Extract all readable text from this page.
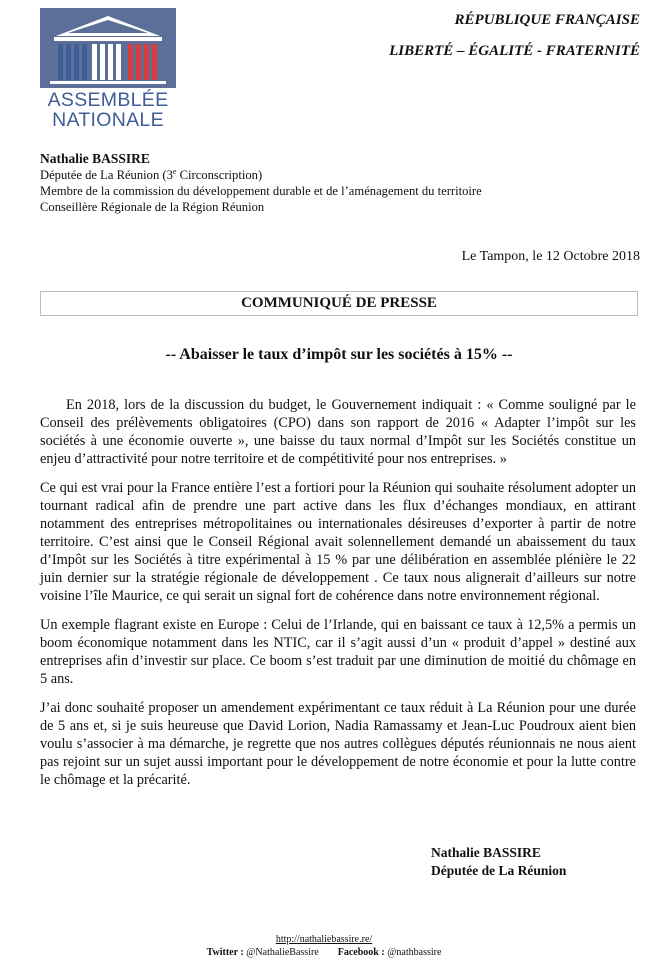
ASSEMBLÉE
NATIONALE
RÉPUBLIQUE FRANÇAISE
LIBERTÉ – ÉGALITÉ - FRATERNITÉ
Nathalie BASSIRE
Députée de La Réunion (3e Circonscription)
Membre de la commission du développement durable et de l’aménagement du territoire
Conseillère Régionale de la Région Réunion
Le Tampon, le 12 Octobre 2018
COMMUNIQUÉ DE PRESSE
-- Abaisser le taux d’impôt sur les sociétés à 15% --

En 2018, lors de la discussion du budget, le Gouvernement indiquait : « Comme souligné par le Conseil des prélèvements obligatoires (CPO) dans son rapport de 2016 « Adapter l’impôt sur les sociétés à une économie ouverte », une baisse du taux normal d’Impôt sur les Sociétés constitue un enjeu d’attractivité pour notre territoire et de compétitivité pour nos entreprises. »

Ce qui est vrai pour la France entière l’est a fortiori pour la Réunion qui souhaite résolument adopter un tournant radical afin de prendre une part active dans les flux d’échanges mondiaux, en attirant notamment des entreprises métropolitaines ou internationales désireuses d’exporter à partir de notre territoire. C’est ainsi que le Conseil Régional avait solennellement demandé un abaissement du taux d’Impôt sur les Sociétés à titre expérimental à 15 % par une délibération en assemblée plénière le 22 juin dernier sur la stratégie régionale de développement . Ce taux nous alignerait d’ailleurs sur notre voisine l’île Maurice, ce qui serait un signal fort de cohérence dans notre environnement régional.

Un exemple flagrant existe en Europe : Celui de l’Irlande, qui en baissant ce taux à 12,5% a permis un boom économique notamment dans les NTIC, car il s’agit aussi d’un « produit d’appel » destiné aux entreprises afin d’investir sur place. Ce boom s’est traduit par une diminution de moitié du chômage en 5 ans.

J’ai donc souhaité proposer un amendement expérimentant ce taux réduit à La Réunion pour une durée de 5 ans et, si je suis heureuse que David Lorion, Nadia Ramassamy et Jean-Luc Poudroux aient bien voulu s’associer à ma démarche, je regrette que nos autres collègues députés réunionnais ne nous aient pas rejoint sur un sujet aussi important pour le développement de notre économie et pour la lutte contre le chômage et la précarité.

Nathalie BASSIRE
Députée de La Réunion
http://nathaliebassire.re/
Twitter : @NathalieBassire Facebook : @nathbassire
